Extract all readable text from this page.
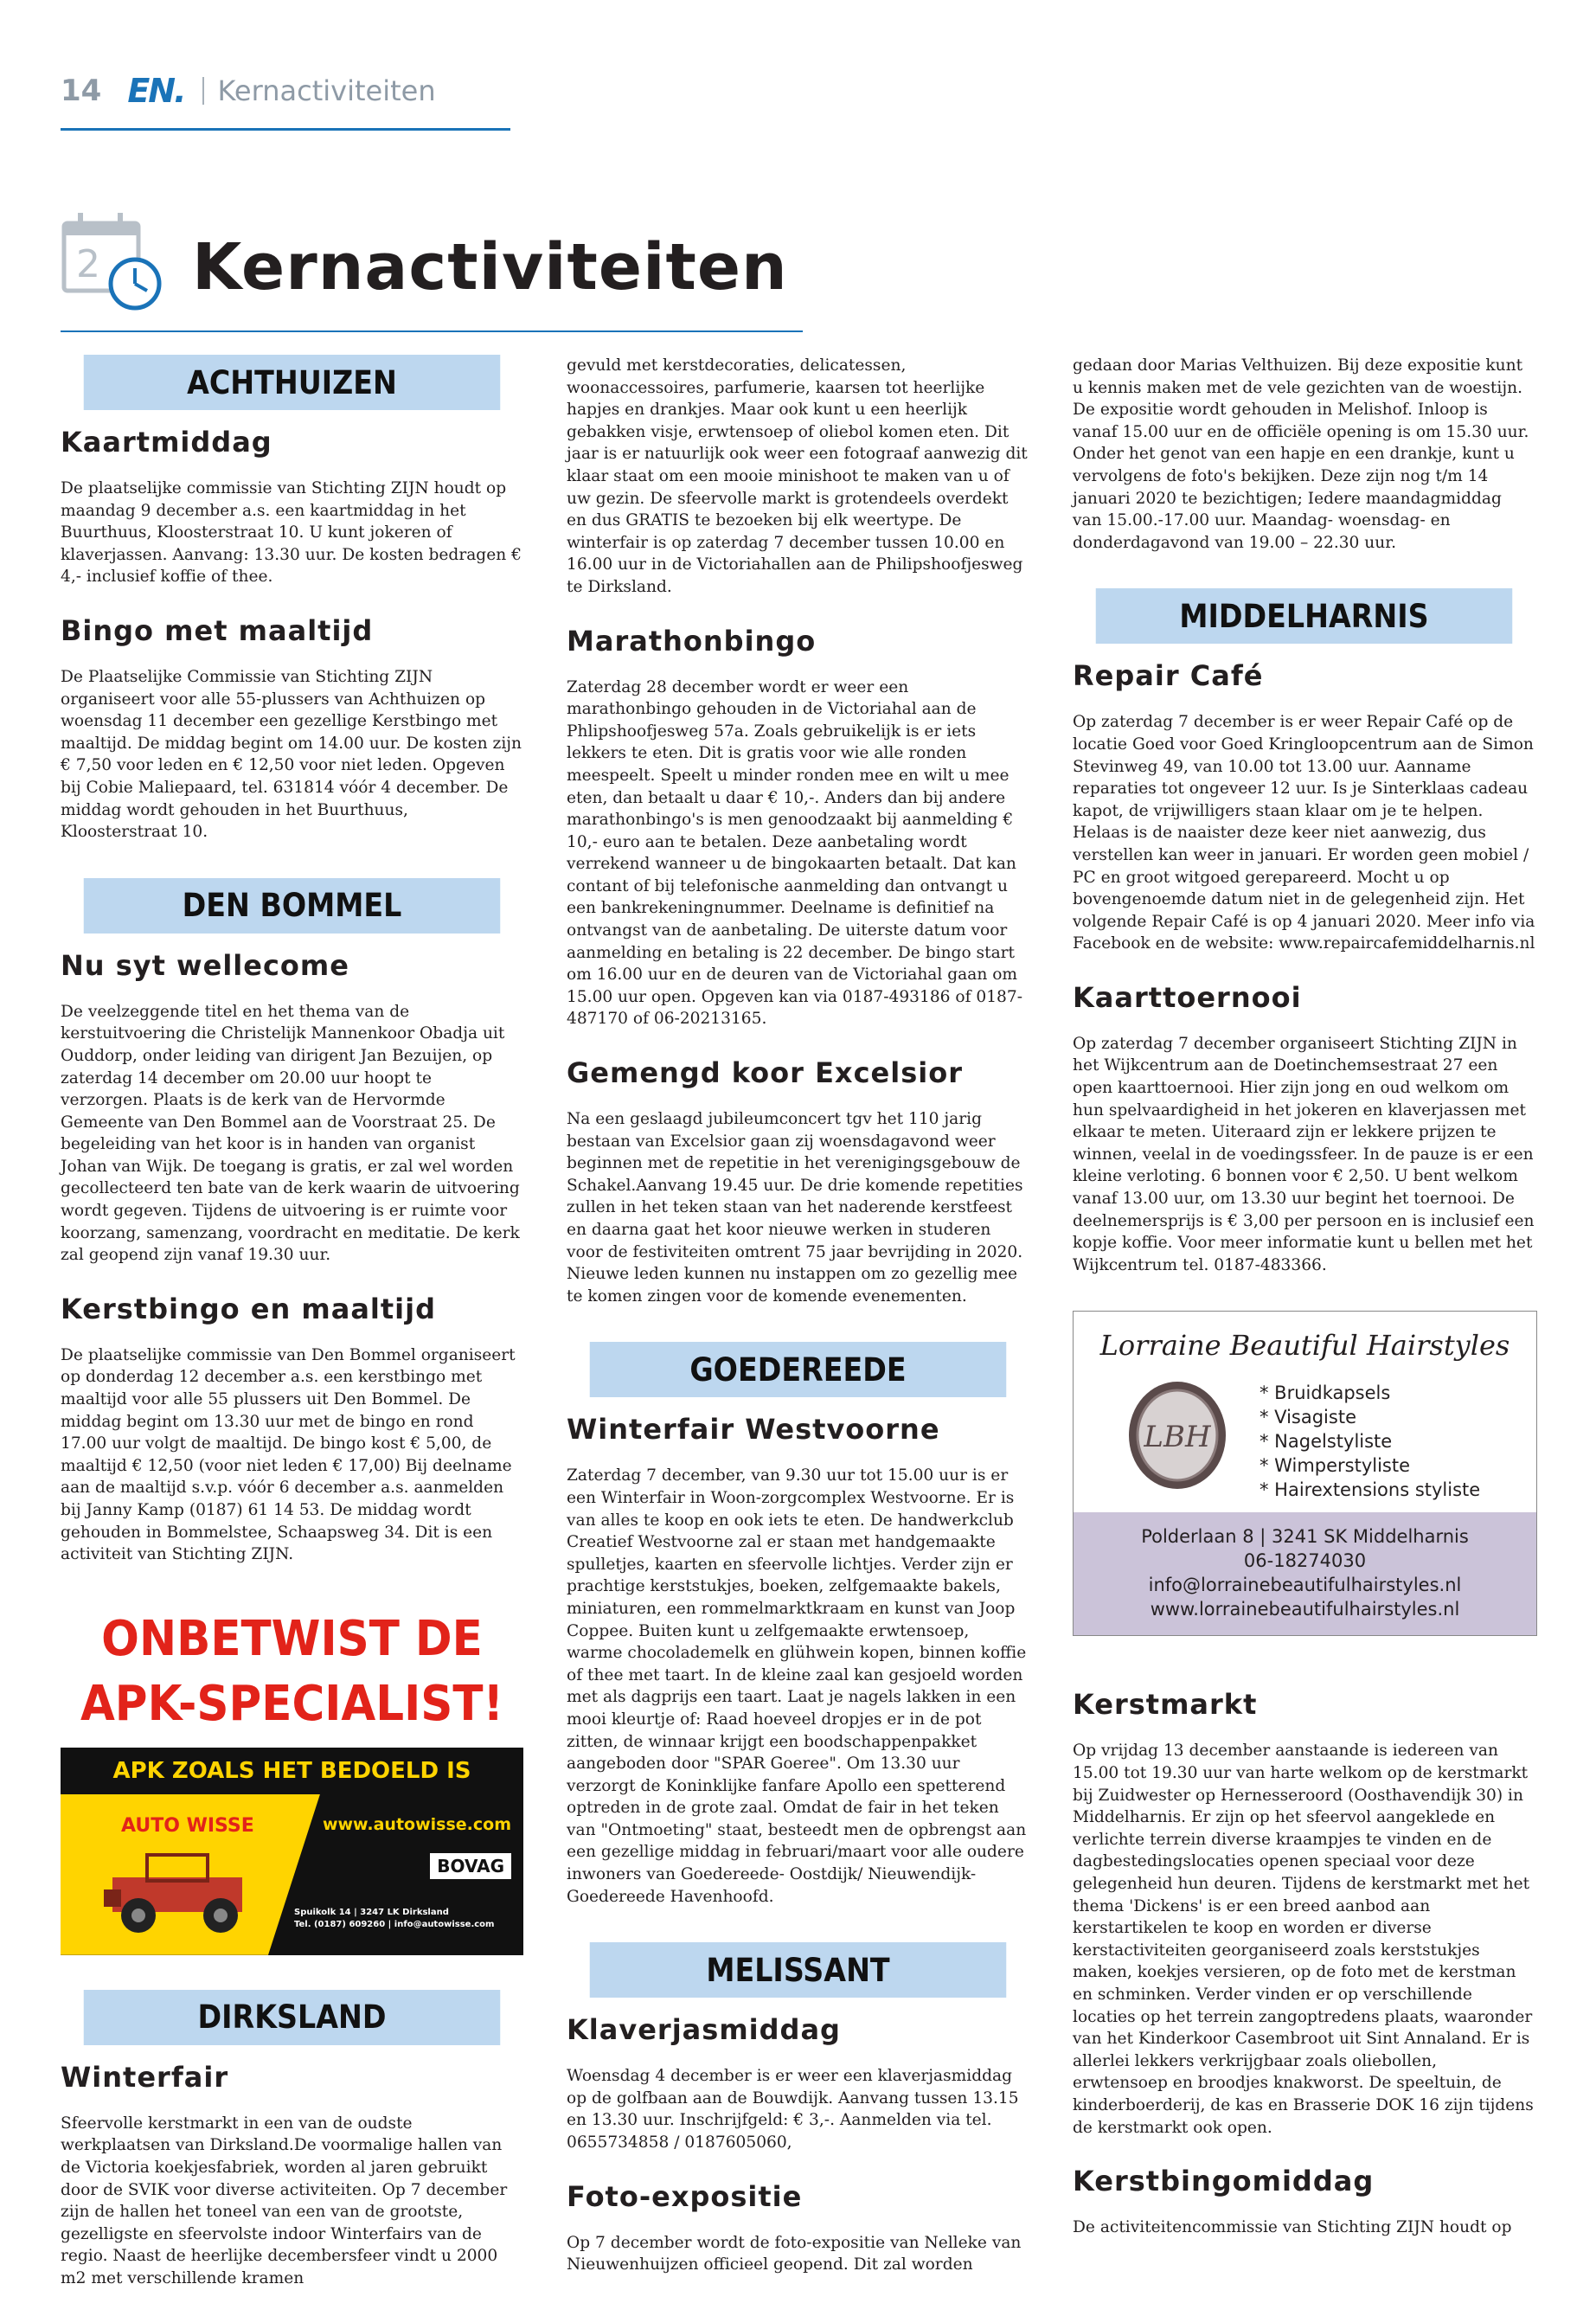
14 EN. Kernactiviteiten
2 Kernactiviteiten
ACHTHUIZEN
Kaartmiddag

De plaatselijke commissie van Stichting ZIJN houdt op maandag 9 december a.s. een kaartmiddag in het Buurthuus, Kloosterstraat 10. U kunt jokeren of klaverjassen. Aanvang: 13.30 uur. De kosten bedragen € 4,- inclusief koffie of thee.

Bingo met maaltijd

De Plaatselijke Commissie van Stichting ZIJN organiseert voor alle 55-plussers van Achthuizen op woensdag 11 december een gezellige Kerstbingo met maaltijd. De middag begint om 14.00 uur. De kosten zijn € 7,50 voor leden en € 12,50 voor niet leden. Opgeven bij Cobie Maliepaard, tel. 631814 vóór 4 december. De middag wordt gehouden in het Buurthuus, Kloosterstraat 10.

DEN BOMMEL
Nu syt wellecome

De veelzeggende titel en het thema van de kerstuitvoering die Christelijk Mannenkoor Obadja uit Ouddorp, onder leiding van dirigent Jan Bezuijen, op zaterdag 14 december om 20.00 uur hoopt te verzorgen. Plaats is de kerk van de Hervormde Gemeente van Den Bommel aan de Voorstraat 25. De begeleiding van het koor is in handen van organist Johan van Wijk. De toegang is gratis, er zal wel worden gecollecteerd ten bate van de kerk waarin de uitvoering wordt gegeven. Tijdens de uitvoering is er ruimte voor koorzang, samenzang, voordracht en meditatie. De kerk zal geopend zijn vanaf 19.30 uur.

Kerstbingo en maaltijd

De plaatselijke commissie van Den Bommel organiseert op donderdag 12 december a.s. een kerstbingo met maaltijd voor alle 55 plussers uit Den Bommel. De middag begint om 13.30 uur met de bingo en rond 17.00 uur volgt de maaltijd. De bingo kost € 5,00, de maaltijd € 12,50 (voor niet leden € 17,00) Bij deelname aan de maaltijd s.v.p. vóór 6 december a.s. aanmelden bij Janny Kamp (0187) 61 14 53. De middag wordt gehouden in Bommelstee, Schaapsweg 34. Dit is een activiteit van Stichting ZIJN.

ONBETWIST DE
APK-SPECIALIST!
APK ZOALS HET BEDOELD IS
AUTO WISSE	www.autowisse.com
BOVAG
Spuikolk 14 | 3247 LK Dirksland
Tel. (0187) 609260 | info@autowisse.com
DIRKSLAND
Winterfair

Sfeervolle kerstmarkt in een van de oudste werkplaatsen van Dirksland.De voormalige hallen van de Victoria koekjesfabriek, worden al jaren gebruikt door de SVIK voor diverse activiteiten. Op 7 december zijn de hallen het toneel van een van de grootste, gezelligste en sfeervolste indoor Winterfairs van de regio. Naast de heerlijke decembersfeer vindt u 2000 m2 met verschillende kramen

gevuld met kerstdecoraties, delicatessen, woonaccessoires, parfumerie, kaarsen tot heerlijke hapjes en drankjes. Maar ook kunt u een heerlijk gebakken visje, erwtensoep of oliebol komen eten. Dit jaar is er natuurlijk ook weer een fotograaf aanwezig dit klaar staat om een mooie minishoot te maken van u of uw gezin. De sfeervolle markt is grotendeels overdekt en dus GRATIS te bezoeken bij elk weertype. De winterfair is op zaterdag 7 december tussen 10.00 en 16.00 uur in de Victoriahallen aan de Philipshoofjesweg te Dirksland.

Marathonbingo

Zaterdag 28 december wordt er weer een marathonbingo gehouden in de Victoriahal aan de Phlipshoofjesweg 57a. Zoals gebruikelijk is er iets lekkers te eten. Dit is gratis voor wie alle ronden meespeelt. Speelt u minder ronden mee en wilt u mee eten, dan betaalt u daar € 10,-. Anders dan bij andere marathonbingo's is men genoodzaakt bij aanmelding € 10,- euro aan te betalen. Deze aanbetaling wordt verrekend wanneer u de bingokaarten betaalt. Dat kan contant of bij telefonische aanmelding dan ontvangt u een bankrekeningnummer. Deelname is definitief na ontvangst van de aanbetaling. De uiterste datum voor aanmelding en betaling is 22 december. De bingo start om 16.00 uur en de deuren van de Victoriahal gaan om 15.00 uur open. Opgeven kan via 0187-493186 of 0187-487170 of 06-20213165.

Gemengd koor Excelsior

Na een geslaagd jubileumconcert tgv het 110 jarig bestaan van Excelsior gaan zij woensdagavond weer beginnen met de repetitie in het verenigingsgebouw de Schakel.Aanvang 19.45 uur. De drie komende repetities zullen in het teken staan van het naderende kerstfeest en daarna gaat het koor nieuwe werken in studeren voor de festiviteiten omtrent 75 jaar bevrijding in 2020. Nieuwe leden kunnen nu instappen om zo gezellig mee te komen zingen voor de komende evenementen.

GOEDEREEDE
Winterfair Westvoorne

Zaterdag 7 december, van 9.30 uur tot 15.00 uur is er een Winterfair in Woon-zorgcomplex Westvoorne. Er is van alles te koop en ook iets te eten. De handwerkclub Creatief Westvoorne zal er staan met handgemaakte spulletjes, kaarten en sfeervolle lichtjes. Verder zijn er prachtige kerststukjes, boeken, zelfgemaakte bakels, miniaturen, een rommelmarktkraam en kunst van Joop Coppee. Buiten kunt u zelfgemaakte erwtensoep, warme chocolademelk en glühwein kopen, binnen koffie of thee met taart. In de kleine zaal kan gesjoeld worden met als dagprijs een taart. Laat je nagels lakken in een mooi kleurtje of: Raad hoeveel dropjes er in de pot zitten, de winnaar krijgt een boodschappenpakket aangeboden door "SPAR Goeree". Om 13.30 uur verzorgt de Koninklijke fanfare Apollo een spetterend optreden in de grote zaal. Omdat de fair in het teken van "Ontmoeting" staat, besteedt men de opbrengst aan een gezellige middag in februari/maart voor alle oudere inwoners van Goedereede- Oostdijk/ Nieuwendijk- Goedereede Havenhoofd.

MELISSANT
Klaverjasmiddag

Woensdag 4 december is er weer een klaverjasmiddag op de golfbaan aan de Bouwdijk. Aanvang tussen 13.15 en 13.30 uur. Inschrijfgeld: € 3,-. Aanmelden via tel. 0655734858 / 0187605060,

Foto-expositie

Op 7 december wordt de foto-expositie van Nelleke van Nieuwenhuijzen officieel geopend. Dit zal worden

gedaan door Marias Velthuizen. Bij deze expositie kunt u kennis maken met de vele gezichten van de woestijn. De expositie wordt gehouden in Melishof. Inloop is vanaf 15.00 uur en de officiële opening is om 15.30 uur. Onder het genot van een hapje en een drankje, kunt u vervolgens de foto's bekijken. Deze zijn nog t/m 14 januari 2020 te bezichtigen; Iedere maandagmiddag van 15.00.-17.00 uur. Maandag- woensdag- en donderdagavond van 19.00 – 22.30 uur.

MIDDELHARNIS
Repair Café

Op zaterdag 7 december is er weer Repair Café op de locatie Goed voor Goed Kringloopcentrum aan de Simon Stevinweg 49, van 10.00 tot 13.00 uur. Aanname reparaties tot ongeveer 12 uur. Is je Sinterklaas cadeau kapot, de vrijwilligers staan klaar om je te helpen. Helaas is de naaister deze keer niet aanwezig, dus verstellen kan weer in januari. Er worden geen mobiel / PC en groot witgoed gerepareerd. Mocht u op bovengenoemde datum niet in de gelegenheid zijn. Het volgende Repair Café is op 4 januari 2020. Meer info via Facebook en de website: www.repaircafemiddelharnis.nl

Kaarttoernooi

Op zaterdag 7 december organiseert Stichting ZIJN in het Wijkcentrum aan de Doetinchemsestraat 27 een open kaarttoernooi. Hier zijn jong en oud welkom om hun spelvaardigheid in het jokeren en klaverjassen met elkaar te meten. Uiteraard zijn er lekkere prijzen te winnen, veelal in de voedingssfeer. In de pauze is er een kleine verloting. 6 bonnen voor € 2,50. U bent welkom vanaf 13.00 uur, om 13.30 uur begint het toernooi. De deelnemersprijs is € 3,00 per persoon en is inclusief een kopje koffie. Voor meer informatie kunt u bellen met het Wijkcentrum tel. 0187-483366.

Lorraine Beautiful Hairstyles
LBH
* Bruidkapsels
* Visagiste
* Nagelstyliste
* Wimperstyliste
* Hairextensions styliste
Polderlaan 8 | 3241 SK Middelharnis
06-18274030
info@lorrainebeautifulhairstyles.nl
www.lorrainebeautifulhairstyles.nl
Kerstmarkt

Op vrijdag 13 december aanstaande is iedereen van 15.00 tot 19.30 uur van harte welkom op de kerstmarkt bij Zuidwester op Hernesseroord (Oosthavendijk 30) in Middelharnis. Er zijn op het sfeervol aangeklede en verlichte terrein diverse kraampjes te vinden en de dagbestedingslocaties openen speciaal voor deze gelegenheid hun deuren. Tijdens de kerstmarkt met het thema 'Dickens' is er een breed aanbod aan kerstartikelen te koop en worden er diverse kerstactiviteiten georganiseerd zoals kerststukjes maken, koekjes versieren, op de foto met de kerstman en schminken. Verder vinden er op verschillende locaties op het terrein zangoptredens plaats, waaronder van het Kinderkoor Casembroot uit Sint Annaland. Er is allerlei lekkers verkrijgbaar zoals oliebollen, erwtensoep en broodjes knakworst. De speeltuin, de kinderboerderij, de kas en Brasserie DOK 16 zijn tijdens de kerstmarkt ook open.

Kerstbingomiddag

De activiteitencommissie van Stichting ZIJN houdt op
